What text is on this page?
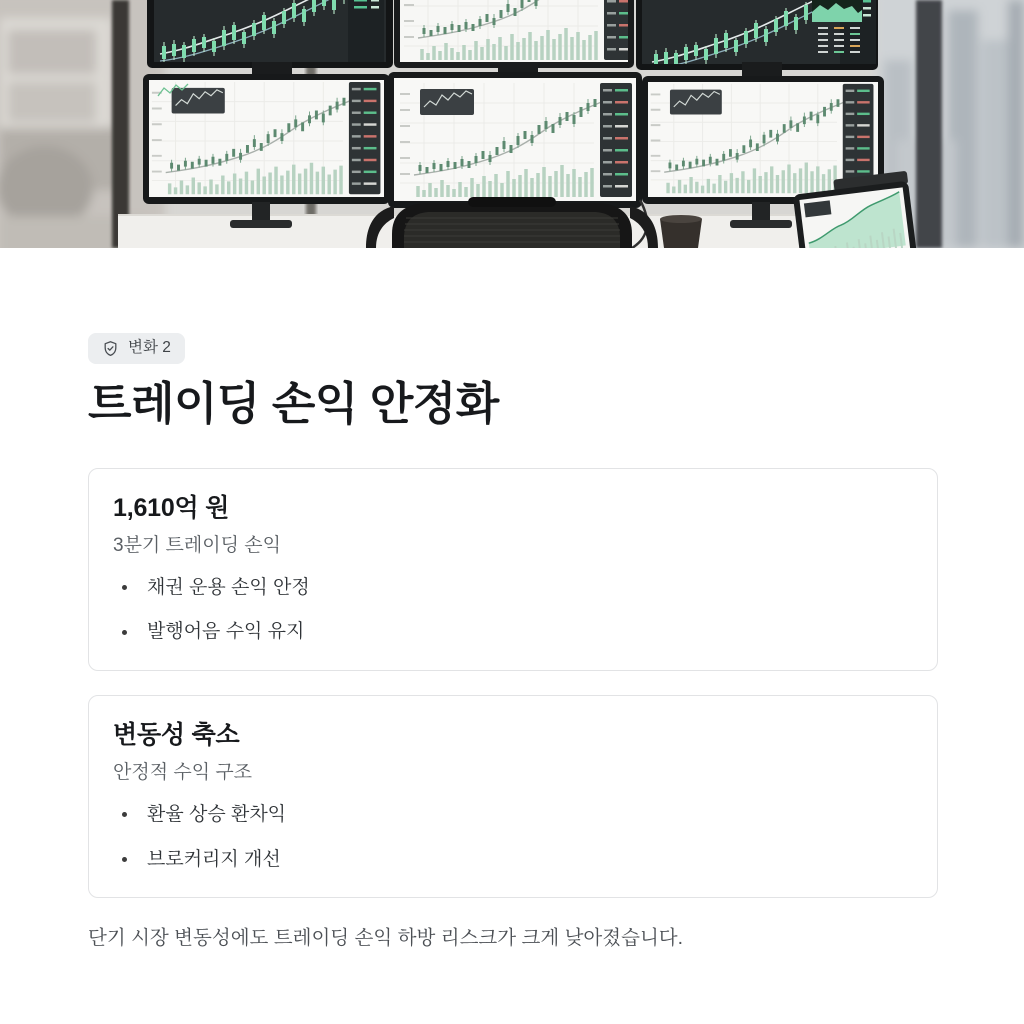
변화 2
트레이딩 손익 안정화
1,610억 원

3분기 트레이딩 손익

채권 운용 손익 안정
발행어음 수익 유지
변동성 축소

안정적 수익 구조

환율 상승 환차익
브로커리지 개선

단기 시장 변동성에도 트레이딩 손익 하방 리스크가 크게 낮아졌습니다.
